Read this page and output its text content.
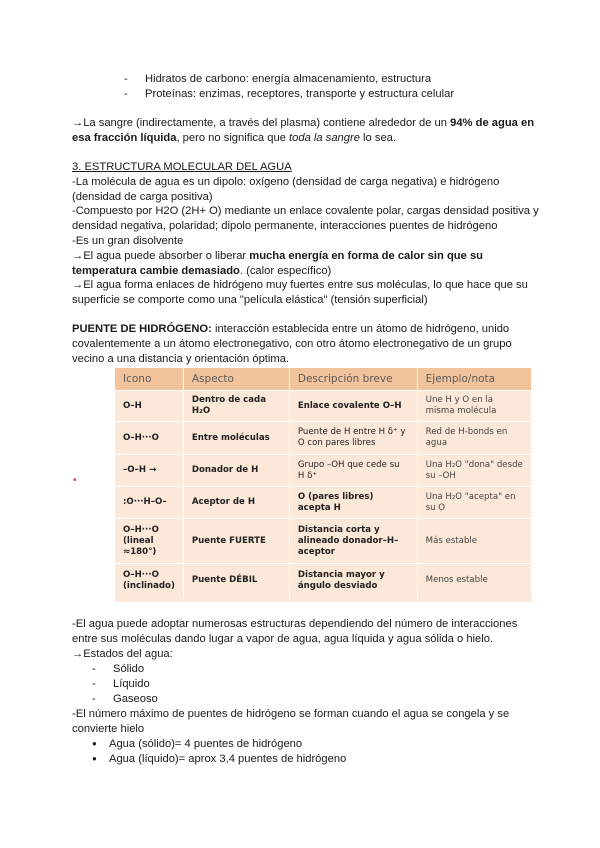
- Hidratos de carbono: energía almacenamiento, estructura
- Proteínas: enzimas, receptores, transporte y estructura celular

→La sangre (indirectamente, a través del plasma) contiene alrededor de un 94% de agua en esa fracción líquida, pero no significa que toda la sangre lo sea.

3. ESTRUCTURA MOLECULAR DEL AGUA

-La molécula de agua es un dipolo: oxígeno (densidad de carga negativa) e hidrógeno (densidad de carga positiva)

-Compuesto por H2O (2H+ O) mediante un enlace covalente polar, cargas densidad positiva y densidad negativa, polaridad; dipolo permanente, interacciones puentes de hidrógeno

-Es un gran disolvente

→El agua puede absorber o liberar mucha energía en forma de calor sin que su temperatura cambie demasiado. (calor específico)

→El agua forma enlaces de hidrógeno muy fuertes entre sus moléculas, lo que hace que su superficie se comporte como una "película elástica" (tensión superficial)

PUENTE DE HIDRÓGENO: interacción establecida entre un átomo de hidrógeno, unido covalentemente a un átomo electronegativo, con otro átomo electronegativo de un grupo vecino a una distancia y orientación óptima.

•
Icono	Aspecto	Descripción breve	Ejemplo/nota
O–H	Dentro de cada H₂O	Enlace covalente O–H	Une H y O en la misma molécula
O–H···O	Entre moléculas	Puente de H entre H δ⁺ y O con pares libres	Red de H-bonds en agua
–O–H →	Donador de H	Grupo –OH que cede su H δ⁺	Una H₂O "dona" desde su –OH
:O···H–O–	Aceptor de H	O (pares libres) acepta H	Una H₂O "acepta" en su O
O–H···O (lineal ≈180°)	Puente FUERTE	Distancia corta y alineado donador–H–aceptor	Más estable
O–H···O (inclinado)	Puente DÉBIL	Distancia mayor y ángulo desviado	Menos estable

-El agua puede adoptar numerosas estructuras dependiendo del número de interacciones entre sus moléculas dando lugar a vapor de agua, agua líquida y agua sólida o hielo.

→Estados del agua:

- Sólido
- Líquido
- Gaseoso

-El número máximo de puentes de hidrógeno se forman cuando el agua se congela y se convierte hielo

● Agua (sólido)= 4 puentes de hidrógeno
● Agua (líquido)= aprox 3,4 puentes de hidrógeno
